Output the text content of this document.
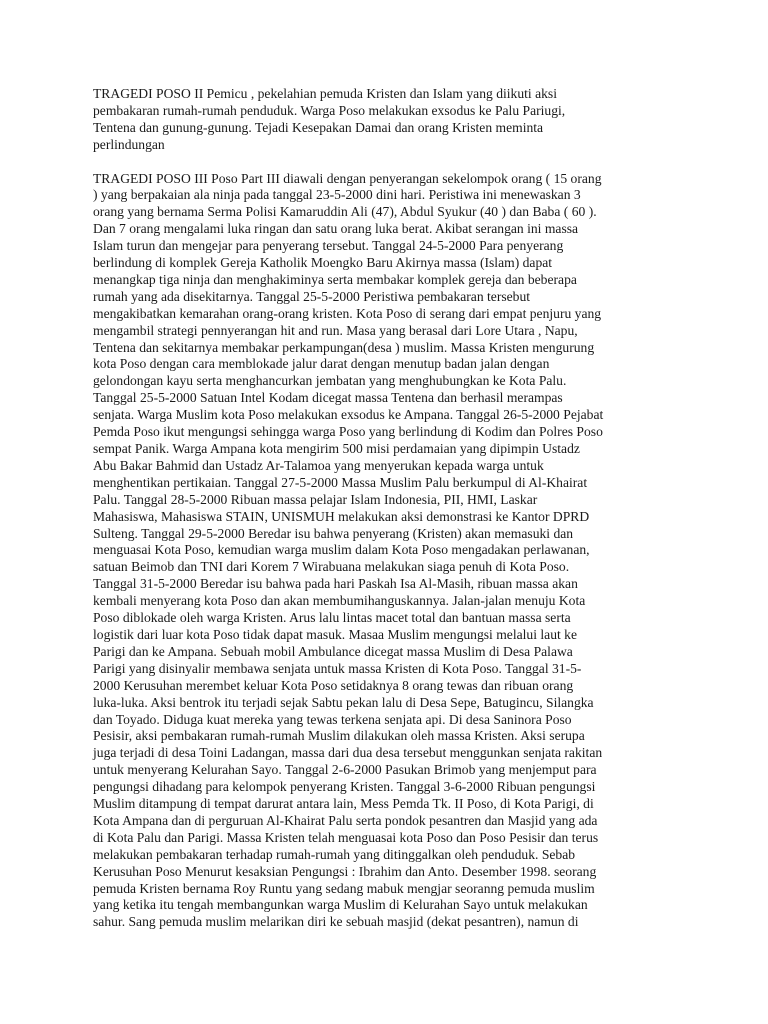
TRAGEDI POSO II Pemicu , pekelahian pemuda Kristen dan Islam yang diikuti aksi
pembakaran rumah-rumah penduduk. Warga Poso melakukan exsodus ke Palu Pariugi,
Tentena dan gunung-gunung. Tejadi Kesepakan Damai dan orang Kristen meminta
perlindungan
TRAGEDI POSO III Poso Part III diawali dengan penyerangan sekelompok orang ( 15 orang
) yang berpakaian ala ninja pada tanggal 23-5-2000 dini hari. Peristiwa ini menewaskan 3
orang yang bernama Serma Polisi Kamaruddin Ali (47), Abdul Syukur (40 ) dan Baba ( 60 ).
Dan 7 orang mengalami luka ringan dan satu orang luka berat. Akibat serangan ini massa
Islam turun dan mengejar para penyerang tersebut. Tanggal 24-5-2000 Para penyerang
berlindung di komplek Gereja Katholik Moengko Baru Akirnya massa (Islam) dapat
menangkap tiga ninja dan menghakiminya serta membakar komplek gereja dan beberapa
rumah yang ada disekitarnya. Tanggal 25-5-2000 Peristiwa pembakaran tersebut
mengakibatkan kemarahan orang-orang kristen. Kota Poso di serang dari empat penjuru yang
mengambil strategi pennyerangan hit and run. Masa yang berasal dari Lore Utara , Napu,
Tentena dan sekitarnya membakar perkampungan(desa ) muslim. Massa Kristen mengurung
kota Poso dengan cara memblokade jalur darat dengan menutup badan jalan dengan
gelondongan kayu serta menghancurkan jembatan yang menghubungkan ke Kota Palu.
Tanggal 25-5-2000 Satuan Intel Kodam dicegat massa Tentena dan berhasil merampas
senjata. Warga Muslim kota Poso melakukan exsodus ke Ampana. Tanggal 26-5-2000 Pejabat
Pemda Poso ikut mengungsi sehingga warga Poso yang berlindung di Kodim dan Polres Poso
sempat Panik. Warga Ampana kota mengirim 500 misi perdamaian yang dipimpin Ustadz
Abu Bakar Bahmid dan Ustadz Ar-Talamoa yang menyerukan kepada warga untuk
menghentikan pertikaian. Tanggal 27-5-2000 Massa Muslim Palu berkumpul di Al-Khairat
Palu. Tanggal 28-5-2000 Ribuan massa pelajar Islam Indonesia, PII, HMI, Laskar
Mahasiswa, Mahasiswa STAIN, UNISMUH melakukan aksi demonstrasi ke Kantor DPRD
Sulteng. Tanggal 29-5-2000 Beredar isu bahwa penyerang (Kristen) akan memasuki dan
menguasai Kota Poso, kemudian warga muslim dalam Kota Poso mengadakan perlawanan,
satuan Beimob dan TNI dari Korem 7 Wirabuana melakukan siaga penuh di Kota Poso.
Tanggal 31-5-2000 Beredar isu bahwa pada hari Paskah Isa Al-Masih, ribuan massa akan
kembali menyerang kota Poso dan akan membumihanguskannya. Jalan-jalan menuju Kota
Poso diblokade oleh warga Kristen. Arus lalu lintas macet total dan bantuan massa serta
logistik dari luar kota Poso tidak dapat masuk. Masaa Muslim mengungsi melalui laut ke
Parigi dan ke Ampana. Sebuah mobil Ambulance dicegat massa Muslim di Desa Palawa
Parigi yang disinyalir membawa senjata untuk massa Kristen di Kota Poso. Tanggal 31-5-
2000 Kerusuhan merembet keluar Kota Poso setidaknya 8 orang tewas dan ribuan orang
luka-luka. Aksi bentrok itu terjadi sejak Sabtu pekan lalu di Desa Sepe, Batugincu, Silangka
dan Toyado. Diduga kuat mereka yang tewas terkena senjata api. Di desa Saninora Poso
Pesisir, aksi pembakaran rumah-rumah Muslim dilakukan oleh massa Kristen. Aksi serupa
juga terjadi di desa Toini Ladangan, massa dari dua desa tersebut menggunkan senjata rakitan
untuk menyerang Kelurahan Sayo. Tanggal 2-6-2000 Pasukan Brimob yang menjemput para
pengungsi dihadang para kelompok penyerang Kristen. Tanggal 3-6-2000 Ribuan pengungsi
Muslim ditampung di tempat darurat antara lain, Mess Pemda Tk. II Poso, di Kota Parigi, di
Kota Ampana dan di perguruan Al-Khairat Palu serta pondok pesantren dan Masjid yang ada
di Kota Palu dan Parigi. Massa Kristen telah menguasai kota Poso dan Poso Pesisir dan terus
melakukan pembakaran terhadap rumah-rumah yang ditinggalkan oleh penduduk. Sebab
Kerusuhan Poso Menurut kesaksian Pengungsi : Ibrahim dan Anto. Desember 1998. seorang
pemuda Kristen bernama Roy Runtu yang sedang mabuk mengjar seoranng pemuda muslim
yang ketika itu tengah membangunkan warga Muslim di Kelurahan Sayo untuk melakukan
sahur. Sang pemuda muslim melarikan diri ke sebuah masjid (dekat pesantren), namun di
